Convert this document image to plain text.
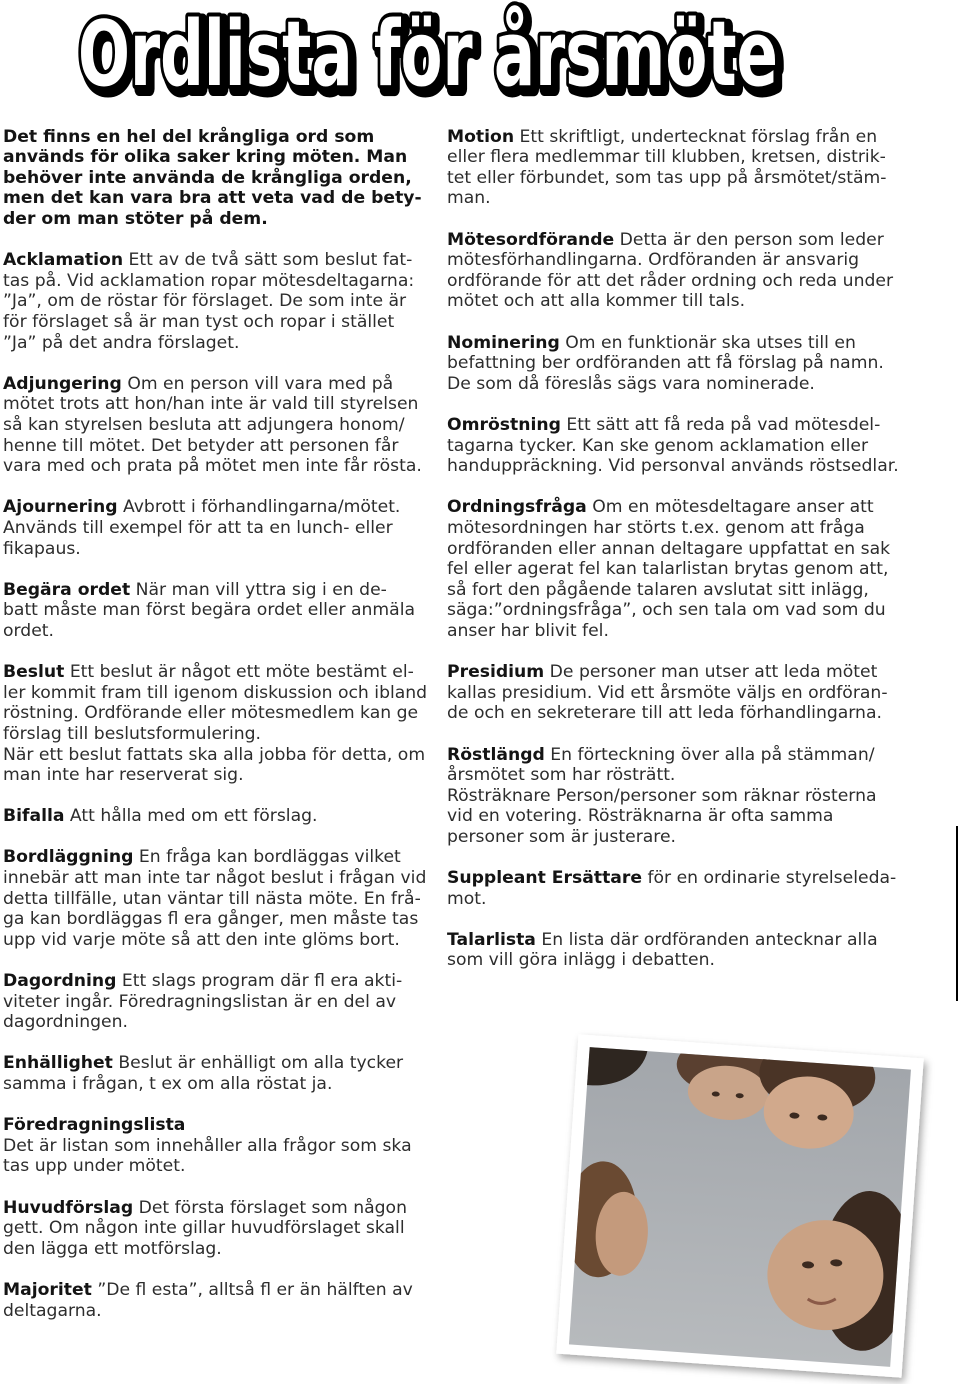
Ordlista för årsmöte
Ordlista för årsmöte
Det finns en hel del krångliga ord som
används för olika saker kring möten. Man
behöver inte använda de krångliga orden,
men det kan vara bra att veta vad de bety-
der om man stöter på dem.
Acklamation Ett av de två sätt som beslut fat-
tas på. Vid acklamation ropar mötesdeltagarna:
”Ja”, om de röstar för förslaget. De som inte är
för förslaget så är man tyst och ropar i stället
”Ja” på det andra förslaget.
Adjungering Om en person vill vara med på
mötet trots att hon/han inte är vald till styrelsen
så kan styrelsen besluta att adjungera honom/
henne till mötet. Det betyder att personen får
vara med och prata på mötet men inte får rösta.
Ajournering Avbrott i förhandlingarna/mötet.
Används till exempel för att ta en lunch- eller
fikapaus.
Begära ordet När man vill yttra sig i en de-
batt måste man först begära ordet eller anmäla
ordet.
Beslut Ett beslut är något ett möte bestämt el-
ler kommit fram till igenom diskussion och ibland
röstning. Ordförande eller mötesmedlem kan ge
förslag till beslutsformulering.
När ett beslut fattats ska alla jobba för detta, om
man inte har reserverat sig.
Bifalla Att hålla med om ett förslag.
Bordläggning En fråga kan bordläggas vilket
innebär att man inte tar något beslut i frågan vid
detta tillfälle, utan väntar till nästa möte. En frå-
ga kan bordläggas fl era gånger, men måste tas
upp vid varje möte så att den inte glöms bort.
Dagordning Ett slags program där fl era akti-
viteter ingår. Föredragningslistan är en del av
dagordningen.
Enhällighet Beslut är enhälligt om alla tycker
samma i frågan, t ex om alla röstat ja.
Föredragningslista
Det är listan som innehåller alla frågor som ska
tas upp under mötet.
Huvudförslag Det första förslaget som någon
gett. Om någon inte gillar huvudförslaget skall
den lägga ett motförslag.
Majoritet ”De fl esta”, alltså fl er än hälften av
deltagarna.
Motion Ett skriftligt, undertecknat förslag från en
eller flera medlemmar till klubben, kretsen, distrik-
tet eller förbundet, som tas upp på årsmötet/stäm-
man.
Mötesordförande Detta är den person som leder
mötesförhandlingarna. Ordföranden är ansvarig
ordförande för att det råder ordning och reda under
mötet och att alla kommer till tals.
Nominering Om en funktionär ska utses till en
befattning ber ordföranden att få förslag på namn.
De som då föreslås sägs vara nominerade.
Omröstning Ett sätt att få reda på vad mötesdel-
tagarna tycker. Kan ske genom acklamation eller
handuppräckning. Vid personval används röstsedlar.
Ordningsfråga Om en mötesdeltagare anser att
mötesordningen har störts t.ex. genom att fråga
ordföranden eller annan deltagare uppfattat en sak
fel eller agerat fel kan talarlistan brytas genom att,
så fort den pågående talaren avslutat sitt inlägg,
säga:”ordningsfråga”, och sen tala om vad som du
anser har blivit fel.
Presidium De personer man utser att leda mötet
kallas presidium. Vid ett årsmöte väljs en ordföran-
de och en sekreterare till att leda förhandlingarna.
Röstlängd En förteckning över alla på stämman/
årsmötet som har rösträtt.
Rösträknare Person/personer som räknar rösterna
vid en votering. Rösträknarna är ofta samma
personer som är justerare.
Suppleant Ersättare för en ordinarie styrelseleda-
mot.
Talarlista En lista där ordföranden antecknar alla
som vill göra inlägg i debatten.
